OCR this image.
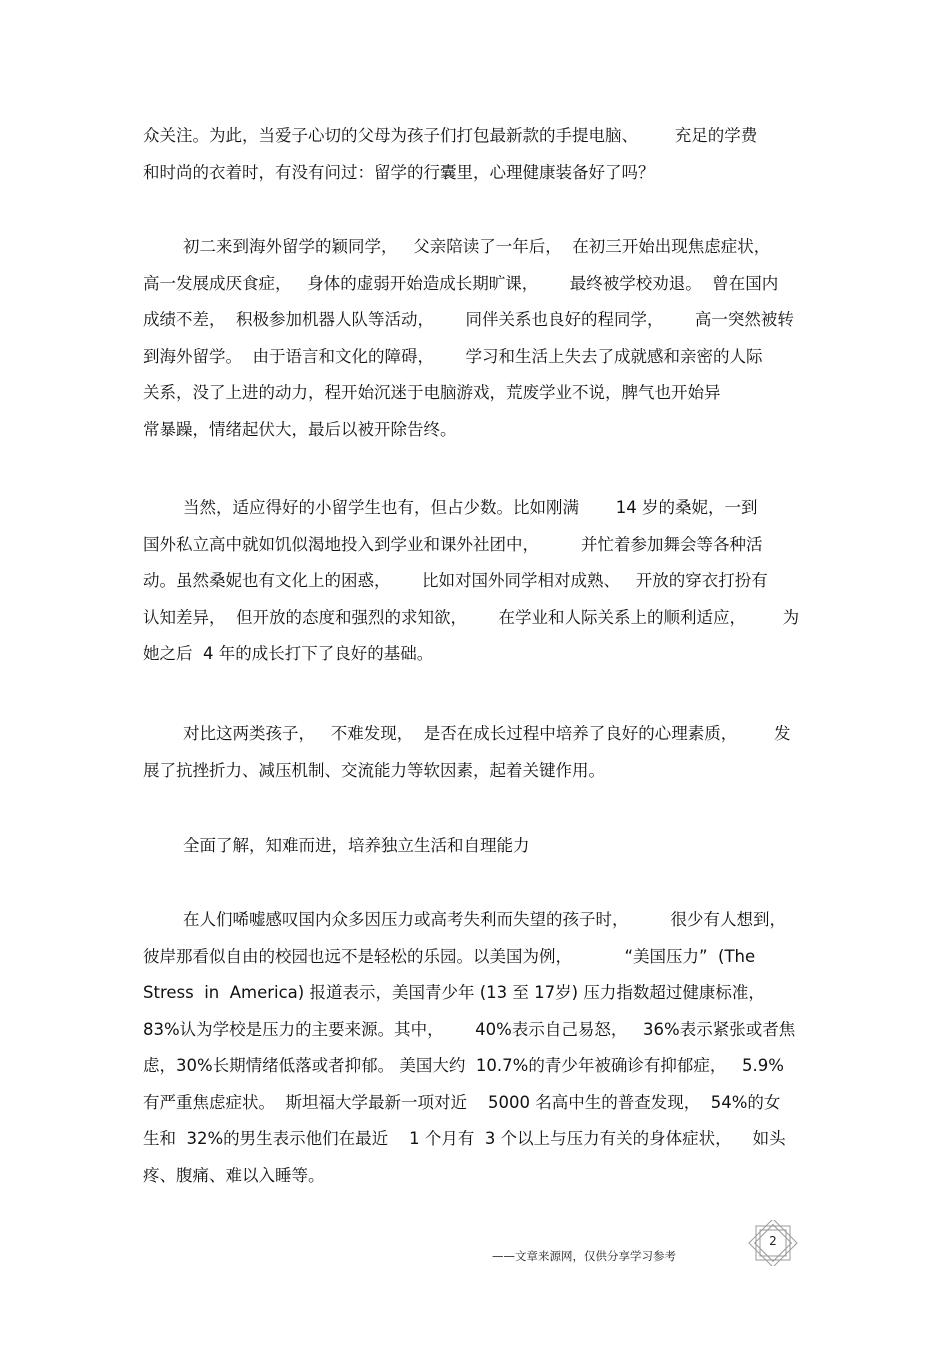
众关注。为此，当爱子心切的父母为孩子们打包最新款的手提电脑、       充足的学费
和时尚的衣着时，有没有问过：留学的行囊里，心理健康装备好了吗？

初二来到海外留学的颖同学，   父亲陪读了一年后，  在初三开始出现焦虑症状，
高一发展成厌食症，   身体的虚弱开始造成长期旷课，      最终被学校劝退。  曾在国内
成绩不差，  积极参加机器人队等活动，      同伴关系也良好的程同学，      高一突然被转
到海外留学。  由于语言和文化的障碍，      学习和生活上失去了成就感和亲密的人际
关系，没了上进的动力，程开始沉迷于电脑游戏，荒废学业不说，脾气也开始异
常暴躁，情绪起伏大，最后以被开除告终。

当然，适应得好的小留学生也有，但占少数。比如刚满       14 岁的桑妮，一到
国外私立高中就如饥似渴地投入到学业和课外社团中，        并忙着参加舞会等各种活
动。虽然桑妮也有文化上的困惑，      比如对国外同学相对成熟、   开放的穿衣打扮有
认知差异，  但开放的态度和强烈的求知欲，      在学业和人际关系上的顺利适应，       为
她之后  4 年的成长打下了良好的基础。

对比这两类孩子，   不难发现，  是否在成长过程中培养了良好的心理素质，       发
展了抗挫折力、减压机制、交流能力等软因素，起着关键作用。

全面了解，知难而进，培养独立生活和自理能力

在人们唏嘘感叹国内众多因压力或高考失利而失望的孩子时，        很少有人想到，
彼岸那看似自由的校园也远不是轻松的乐园。以美国为例，          “美国压力”  (The
Stress  in  America) 报道表示，美国青少年 (13 至 17岁) 压力指数超过健康标准，
83%认为学校是压力的主要来源。其中，      40%表示自己易怒，   36%表示紧张或者焦
虑，30%长期情绪低落或者抑郁。 美国大约  10.7%的青少年被确诊有抑郁症，   5.9%
有严重焦虑症状。  斯坦福大学最新一项对近    5000 名高中生的普查发现，  54%的女
生和  32%的男生表示他们在最近    1 个月有  3 个以上与压力有关的身体症状，    如头
疼、腹痛、难以入睡等。

2
——文章来源网，仅供分享学习参考
